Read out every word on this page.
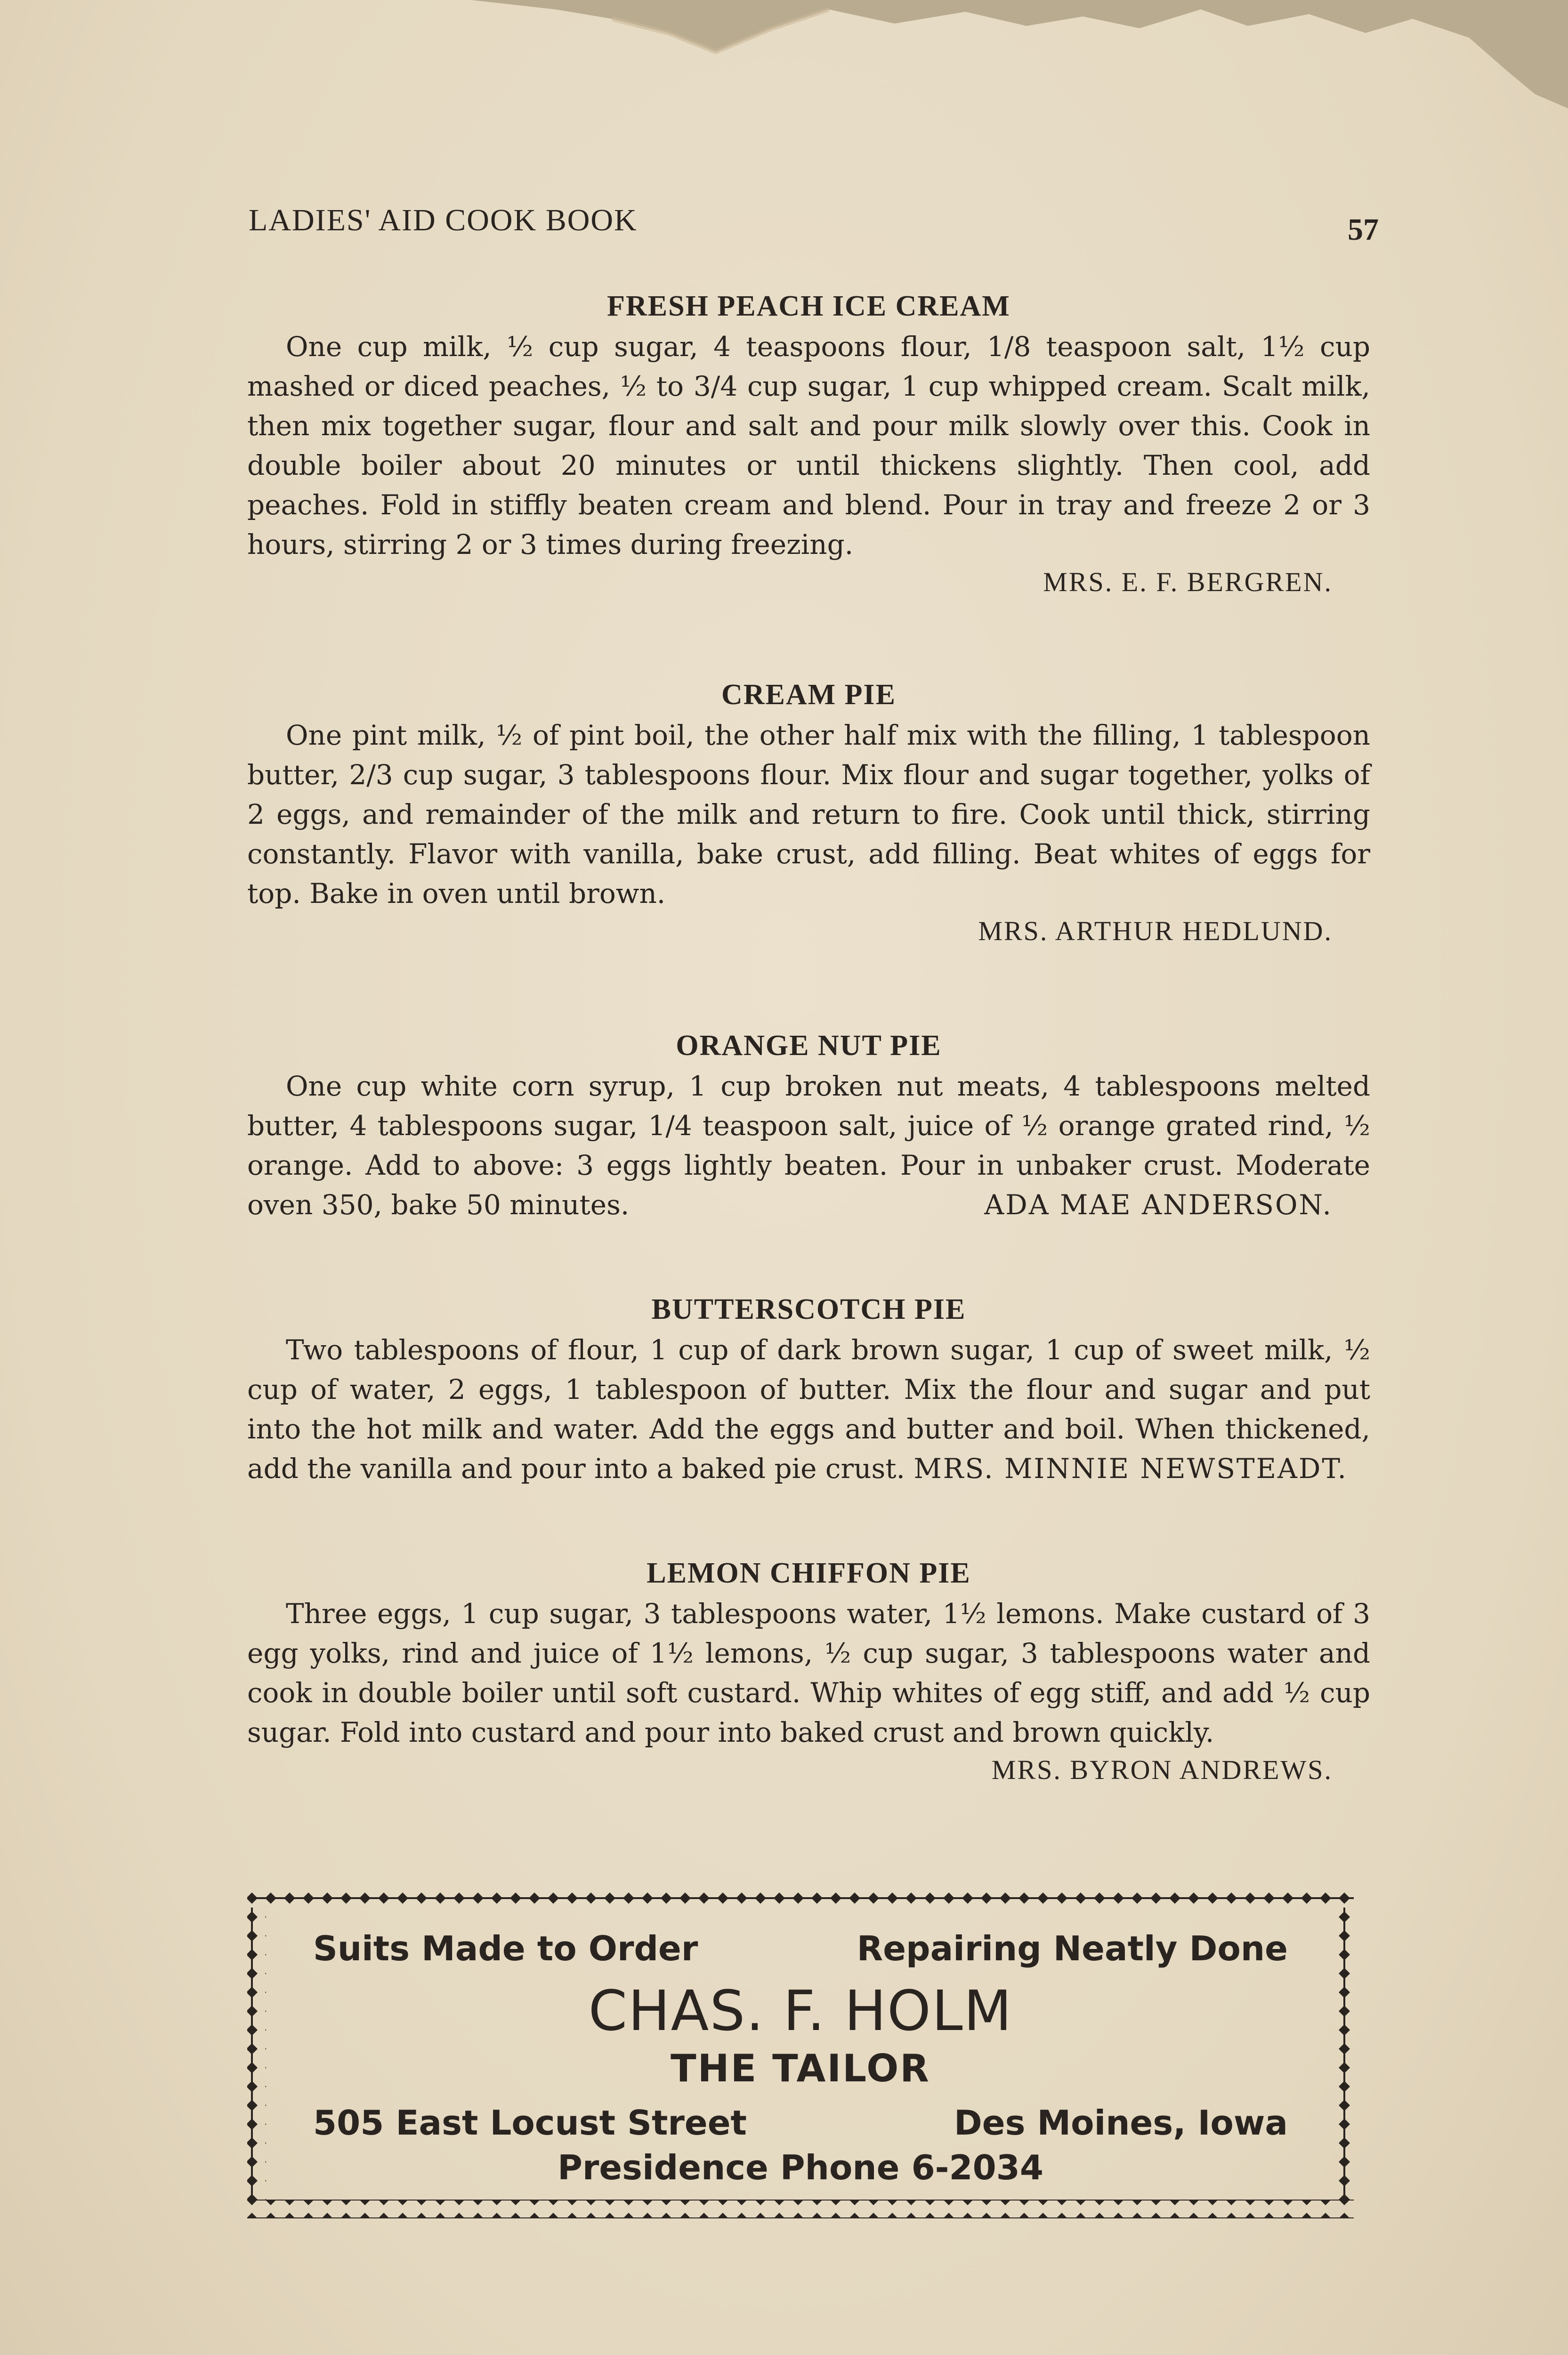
LADIES' AID COOK BOOK	57
FRESH PEACH ICE CREAM

One cup milk, ½ cup sugar, 4 teaspoons flour, 1/8 teaspoon salt, 1½ cup mashed or diced peaches, ½ to 3/4 cup sugar, 1 cup whipped cream. Scalt milk, then mix together sugar, flour and salt and pour milk slowly over this. Cook in double boiler about 20 minutes or until thickens slightly. Then cool, add peaches. Fold in stiffly beaten cream and blend. Pour in tray and freeze 2 or 3 hours, stirring 2 or 3 times during freezing.

MRS. E. F. BERGREN.
CREAM PIE

One pint milk, ½ of pint boil, the other half mix with the filling, 1 tablespoon butter, 2/3 cup sugar, 3 tablespoons flour. Mix flour and sugar together, yolks of 2 eggs, and remainder of the milk and return to fire. Cook until thick, stirring constantly. Flavor with vanilla, bake crust, add filling. Beat whites of eggs for top. Bake in oven until brown.

MRS. ARTHUR HEDLUND.
ORANGE NUT PIE

One cup white corn syrup, 1 cup broken nut meats, 4 tablespoons melted butter, 4 tablespoons sugar, 1/4 teaspoon salt, juice of ½ orange grated rind, ½ orange. Add to above: 3 eggs lightly beaten. Pour in unbaker crust. Moderate oven 350, bake 50 minutes.	ADA MAE ANDERSON.

BUTTERSCOTCH PIE

Two tablespoons of flour, 1 cup of dark brown sugar, 1 cup of sweet milk, ½ cup of water, 2 eggs, 1 tablespoon of butter. Mix the flour and sugar and put into the hot milk and water. Add the eggs and butter and boil. When thickened, add the vanilla and pour into a baked pie crust. MRS. MINNIE NEWSTEADT.

LEMON CHIFFON PIE

Three eggs, 1 cup sugar, 3 tablespoons water, 1½ lemons. Make custard of 3 egg yolks, rind and juice of 1½ lemons, ½ cup sugar, 3 tablespoons water and cook in double boiler until soft custard. Whip whites of egg stiff, and add ½ cup sugar. Fold into custard and pour into baked crust and brown quickly.

MRS. BYRON ANDREWS.
Suits Made to Order	Repairing Neatly Done
CHAS. F. HOLM
THE TAILOR
505 East Locust Street	Des Moines, Iowa
Presidence Phone 6-2034
